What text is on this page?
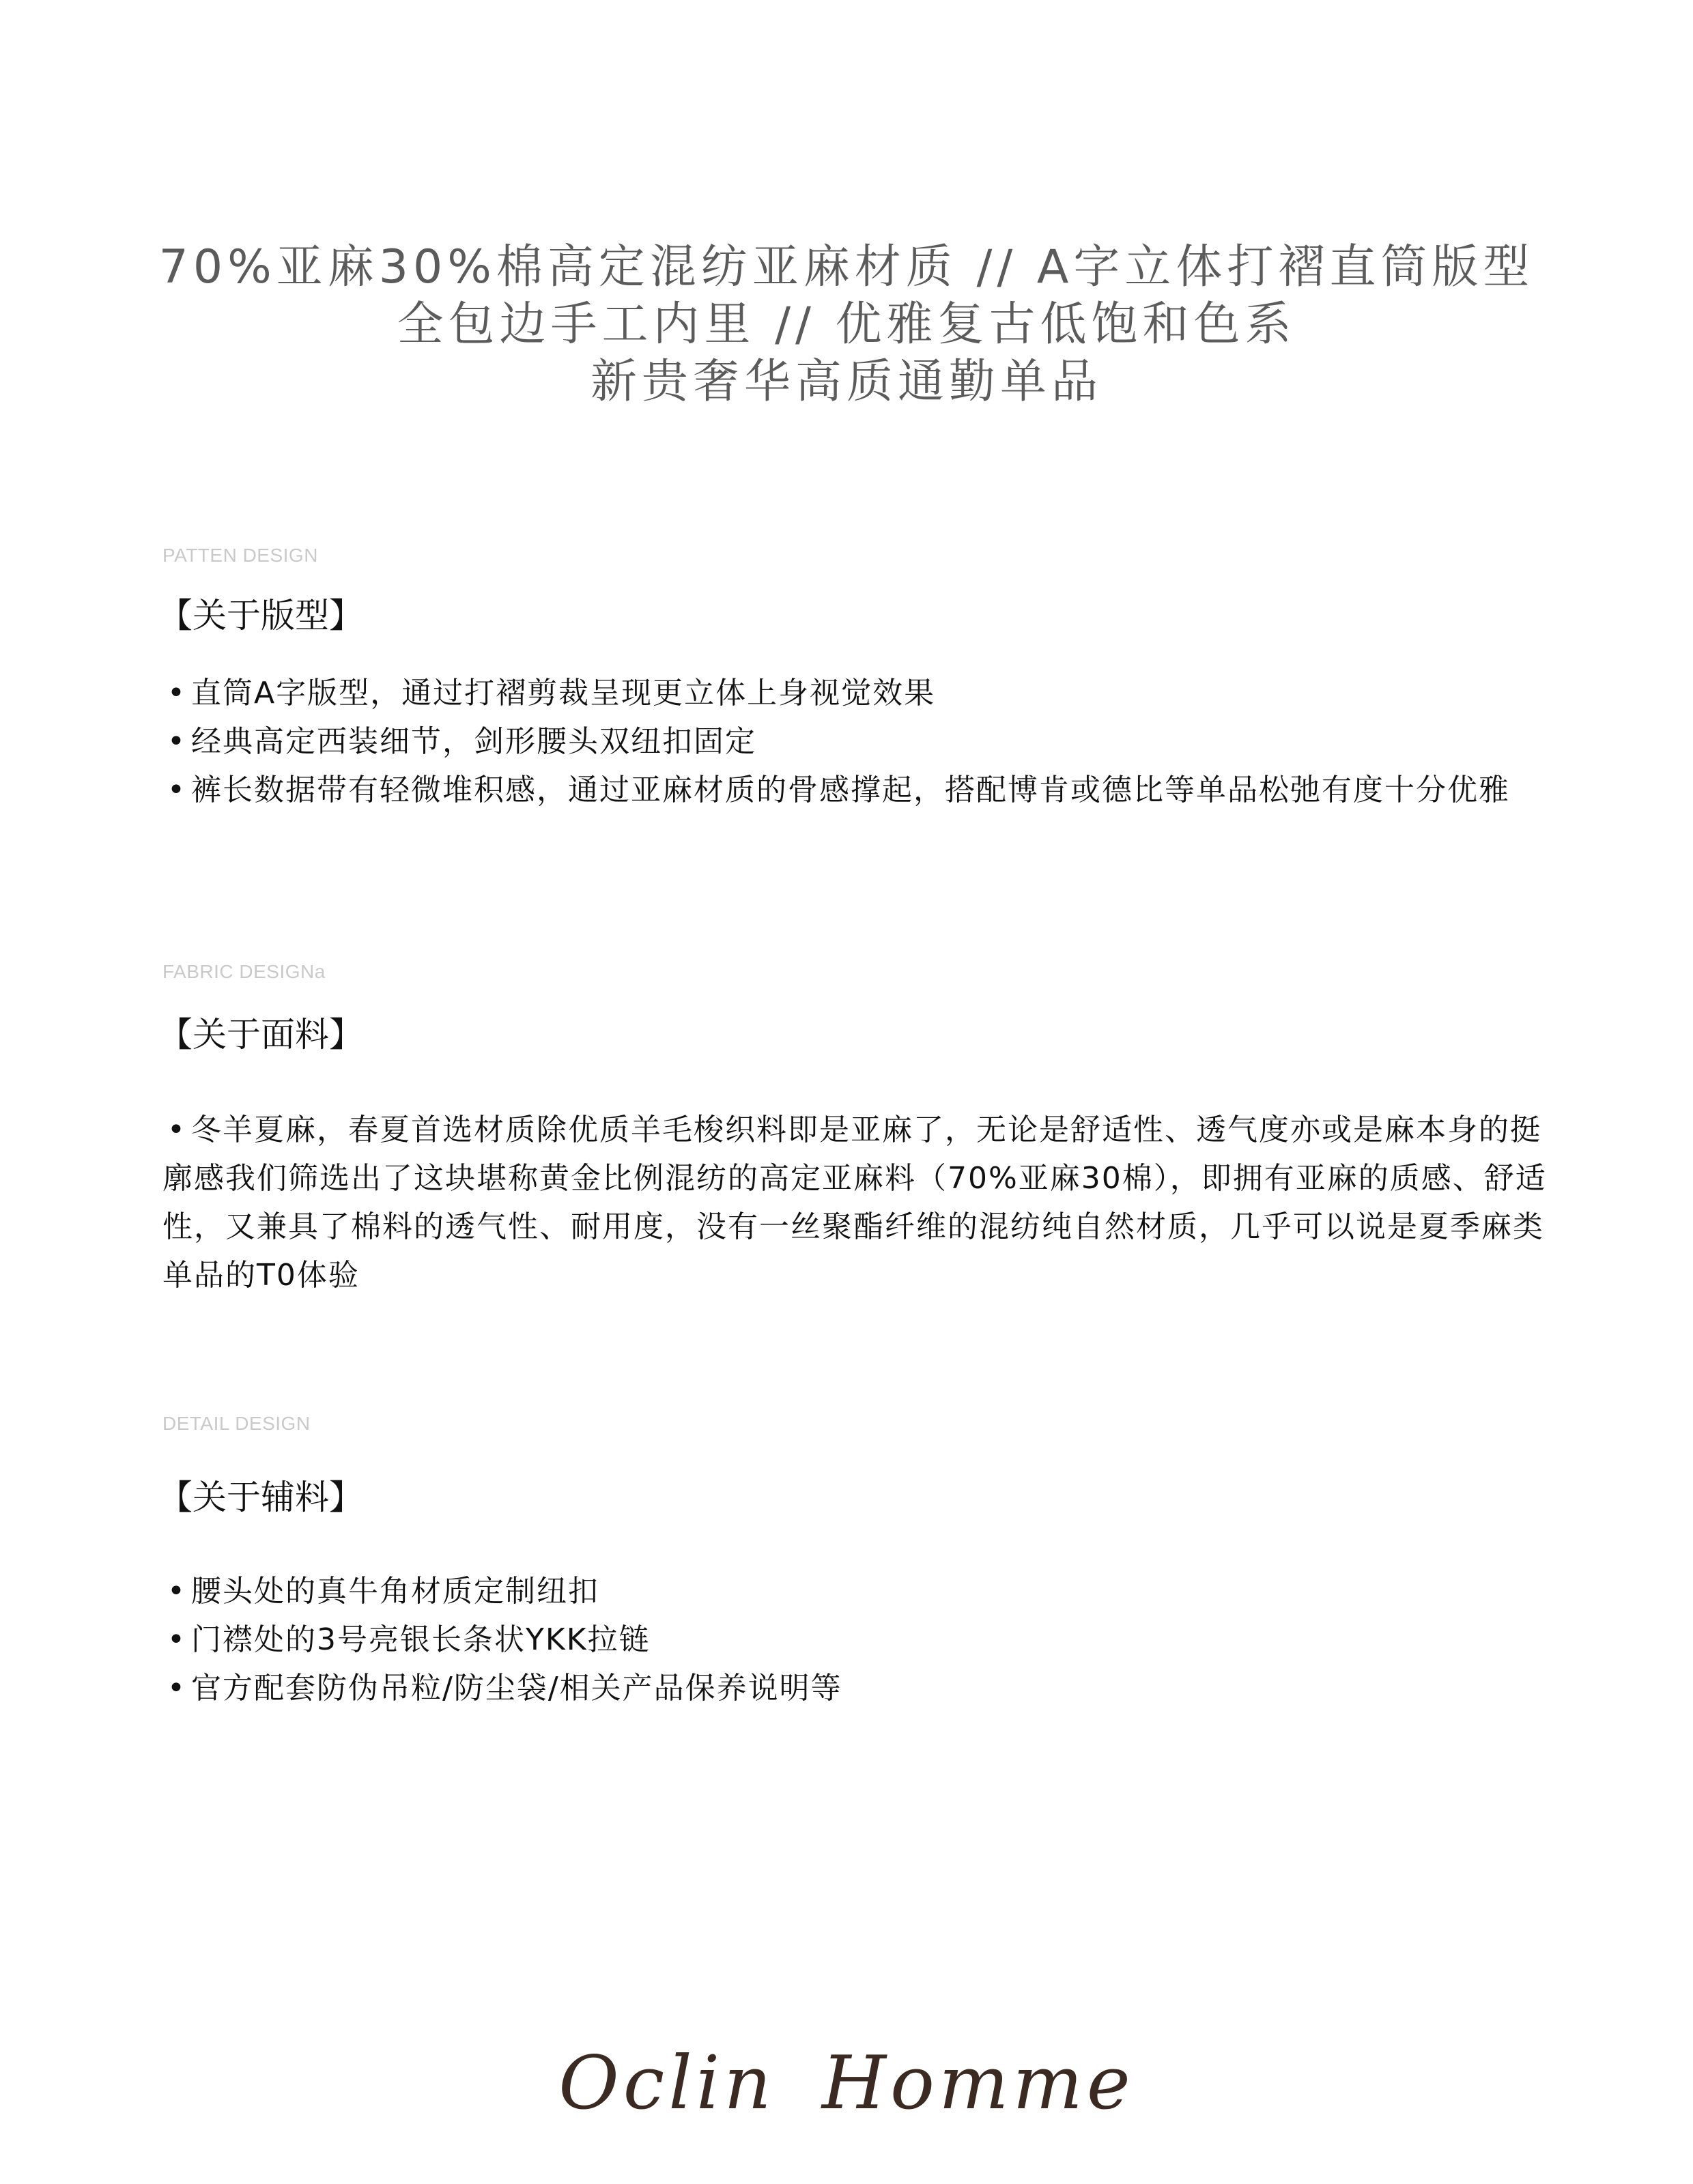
70%亚麻30%棉高定混纺亚麻材质 // A字立体打褶直筒版型
全包边手工内里 // 优雅复古低饱和色系
新贵奢华高质通勤单品
PATTEN DESIGN
【关于版型】
• 直筒A字版型，通过打褶剪裁呈现更立体上身视觉效果
• 经典高定西装细节，剑形腰头双纽扣固定
• 裤长数据带有轻微堆积感，通过亚麻材质的骨感撑起，搭配博肯或德比等单品松弛有度十分优雅
FABRIC DESIGNa
【关于面料】
• 冬羊夏麻，春夏首选材质除优质羊毛梭织料即是亚麻了，无论是舒适性、透气度亦或是麻本身的挺廓感我们筛选出了这块堪称黄金比例混纺的高定亚麻料（70%亚麻30棉），即拥有亚麻的质感、舒适性，又兼具了棉料的透气性、耐用度，没有一丝聚酯纤维的混纺纯自然材质，几乎可以说是夏季麻类单品的T0体验
DETAIL DESIGN
【关于辅料】
• 腰头处的真牛角材质定制纽扣
• 门襟处的3号亮银长条状YKK拉链
• 官方配套防伪吊粒/防尘袋/相关产品保养说明等
Oclin Homme
